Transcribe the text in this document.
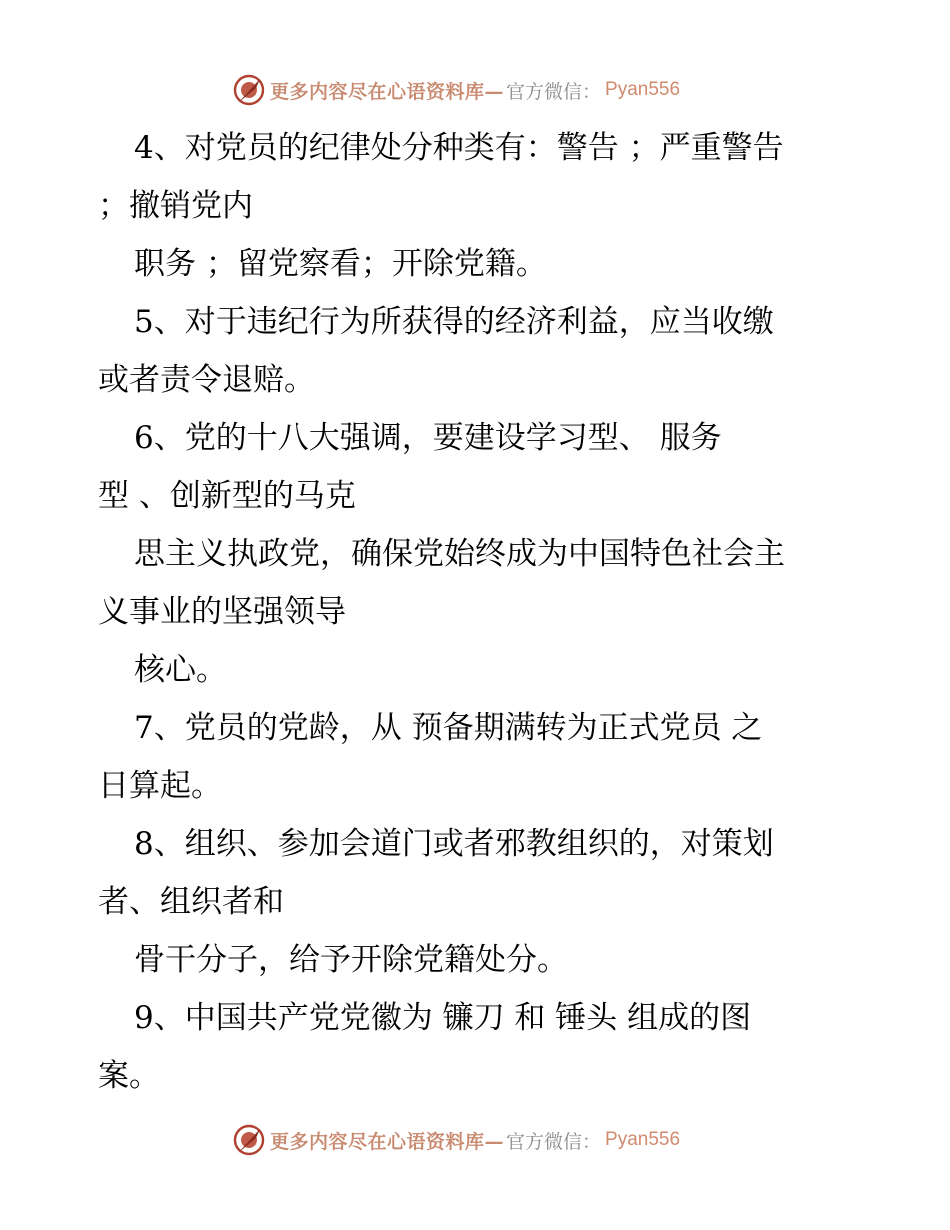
更多内容尽在心语资料库— 官方微信： Pyan556
4、对党员的纪律处分种类有：警告 ；严重警告
；撤销党内
职务 ；留党察看；开除党籍。
5、对于违纪行为所获得的经济利益，应当收缴
或者责令退赔。
6、党的十八大强调，要建设学习型、 服务
型 、创新型的马克
思主义执政党，确保党始终成为中国特色社会主
义事业的坚强领导
核心。
7、党员的党龄，从 预备期满转为正式党员 之
日算起。
8、组织、参加会道门或者邪教组织的，对策划
者、组织者和
骨干分子，给予开除党籍处分。
9、中国共产党党徽为 镰刀 和 锤头 组成的图
案。
更多内容尽在心语资料库— 官方微信： Pyan556
